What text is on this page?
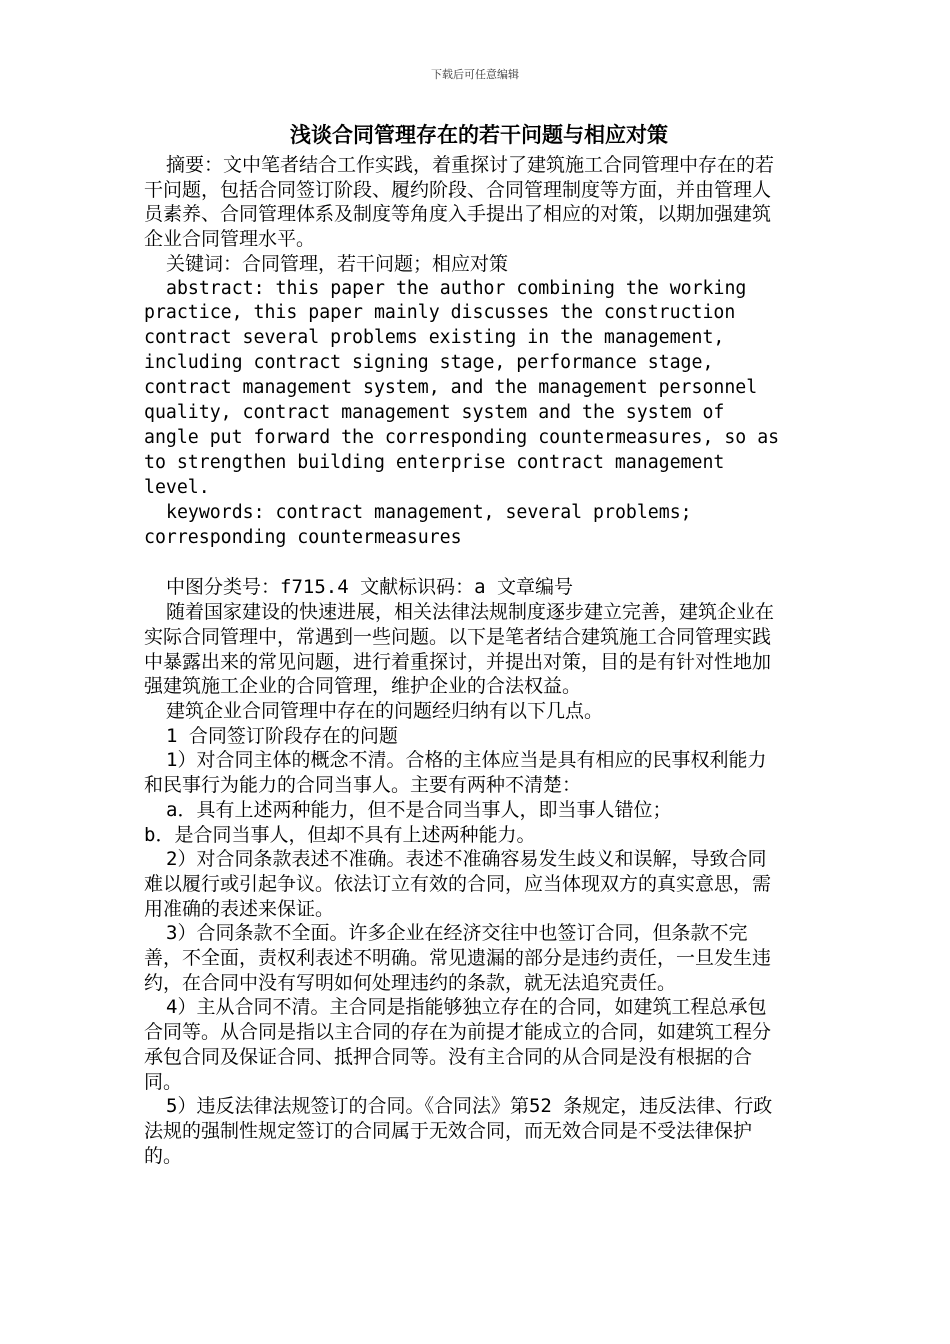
下载后可任意编辑
浅谈合同管理存在的若干问题与相应对策

摘要：文中笔者结合工作实践，着重探讨了建筑施工合同管理中存在的若干问题，包括合同签订阶段、履约阶段、合同管理制度等方面，并由管理人员素养、合同管理体系及制度等角度入手提出了相应的对策，以期加强建筑企业合同管理水平。

关键词：合同管理，若干问题；相应对策

abstract: this paper the author combining the working practice, this paper mainly discusses the construction contract several problems existing in the management, including contract signing stage, performance stage, contract management system, and the management personnel quality, contract management system and the system of angle put forward the corresponding countermeasures, so as to strengthen building enterprise contract management level.

keywords: contract management, several problems; corresponding countermeasures

中图分类号：f715.4 文献标识码：a 文章编号

随着国家建设的快速进展，相关法律法规制度逐步建立完善，建筑企业在实际合同管理中，常遇到一些问题。以下是笔者结合建筑施工合同管理实践中暴露出来的常见问题，进行着重探讨，并提出对策，目的是有针对性地加强建筑施工企业的合同管理，维护企业的合法权益。

建筑企业合同管理中存在的问题经归纳有以下几点。

1 合同签订阶段存在的问题

1）对合同主体的概念不清。合格的主体应当是具有相应的民事权利能力和民事行为能力的合同当事人。主要有两种不清楚：

a．具有上述两种能力，但不是合同当事人，即当事人错位；

b．是合同当事人，但却不具有上述两种能力。

2）对合同条款表述不准确。表述不准确容易发生歧义和误解，导致合同难以履行或引起争议。依法订立有效的合同，应当体现双方的真实意思，需用准确的表述来保证。

3）合同条款不全面。许多企业在经济交往中也签订合同，但条款不完善，不全面，责权利表述不明确。常见遗漏的部分是违约责任，一旦发生违约，在合同中没有写明如何处理违约的条款，就无法追究责任。

4）主从合同不清。主合同是指能够独立存在的合同，如建筑工程总承包合同等。从合同是指以主合同的存在为前提才能成立的合同，如建筑工程分承包合同及保证合同、抵押合同等。没有主合同的从合同是没有根据的合同。

5）违反法律法规签订的合同。《合同法》第52 条规定，违反法律、行政法规的强制性规定签订的合同属于无效合同，而无效合同是不受法律保护的。
